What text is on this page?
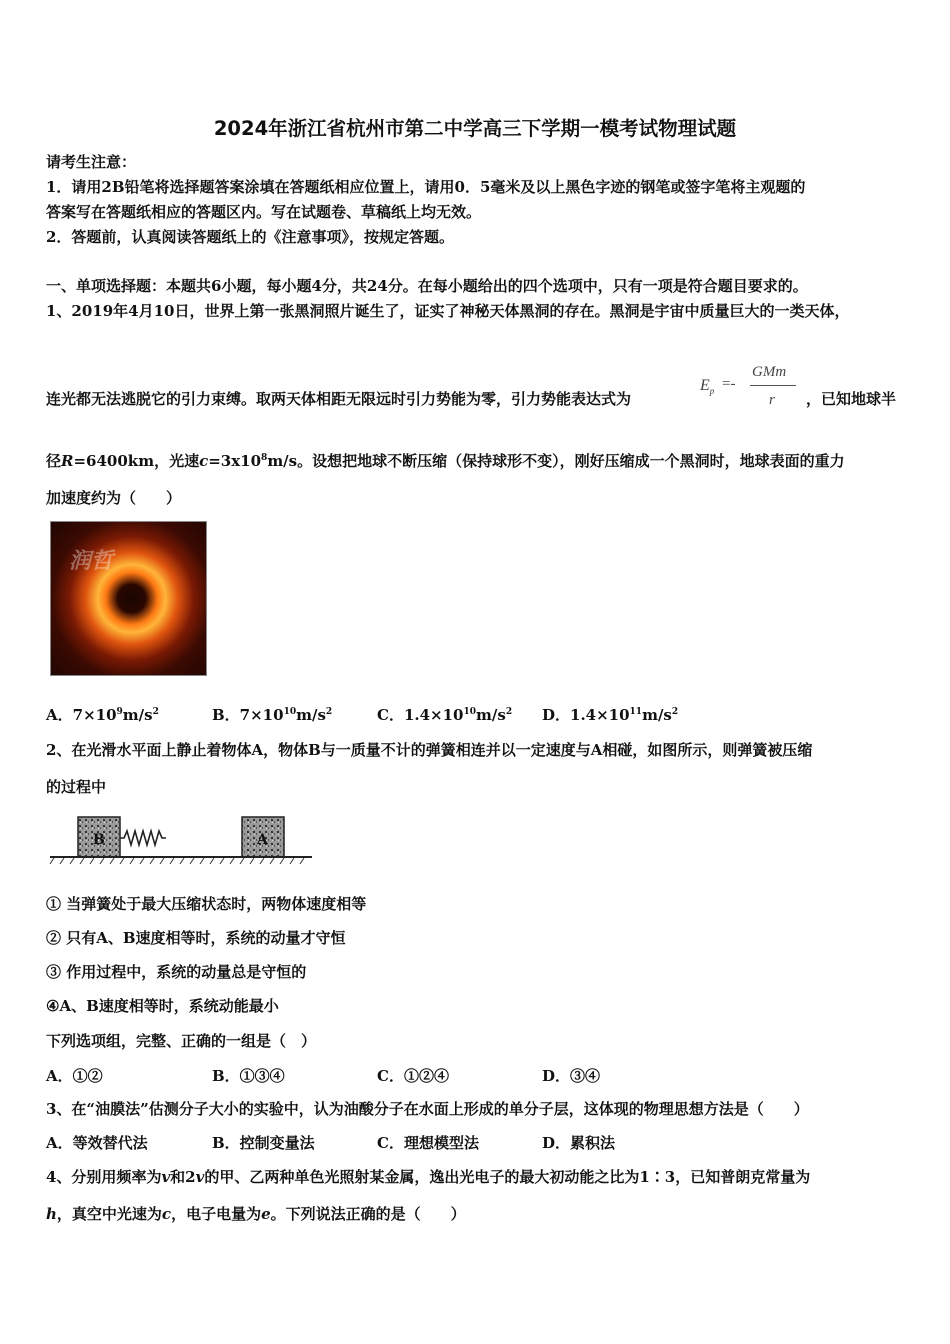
2024年浙江省杭州市第二中学高三下学期一模考试物理试题
请考生注意：
1．请用2B铅笔将选择题答案涂填在答题纸相应位置上，请用0．5毫米及以上黑色字迹的钢笔或签字笔将主观题的
答案写在答题纸相应的答题区内。写在试题卷、草稿纸上均无效。
2．答题前，认真阅读答题纸上的《注意事项》，按规定答题。
一、单项选择题：本题共6小题，每小题4分，共24分。在每小题给出的四个选项中，只有一项是符合题目要求的。
1、2019年4月10日，世界上第一张黑洞照片诞生了，证实了神秘天体黑洞的存在。黑洞是宇宙中质量巨大的一类天体，
连光都无法逃脱它的引力束缚。取两天体相距无限远时引力势能为零，引力势能表达式为
$E_p$ =-
GMm
r ，已知地球半
径R=6400km，光速$c=3x10^8m/s$。设想把地球不断压缩（保持球形不变），刚好压缩成一个黑洞时，地球表面的重力
加速度约为（　　）
润哲
A．$7\times 10^9m/s^2$	B．$7\times 10^{10}m/s^2$	C．$1.4\times 10^{10}m/s^2$ D．$1.4\times 10^{11}m/s^2$
2、在光滑水平面上静止着物体A，物体B与一质量不计的弹簧相连并以一定速度与A相碰，如图所示，则弹簧被压缩
的过程中
B	A
① 当弹簧处于最大压缩状态时，两物体速度相等
② 只有A、B速度相等时，系统的动量才守恒
③ 作用过程中，系统的动量总是守恒的
④A、B速度相等时，系统动能最小
下列选项组，完整、正确的一组是（　）
A．①②	B．①③④	C．①②④	D．③④
3、在“油膜法”估测分子大小的实验中，认为油酸分子在水面上形成的单分子层，这体现的物理思想方法是（　　）
A．等效替代法	B．控制变量法	C．理想模型法	D．累积法
4、分别用频率为v和2v的甲、乙两种单色光照射某金属，逸出光电子的最大初动能之比为1∶3，已知普朗克常量为
h，真空中光速为c，电子电量为e。下列说法正确的是（　　）
